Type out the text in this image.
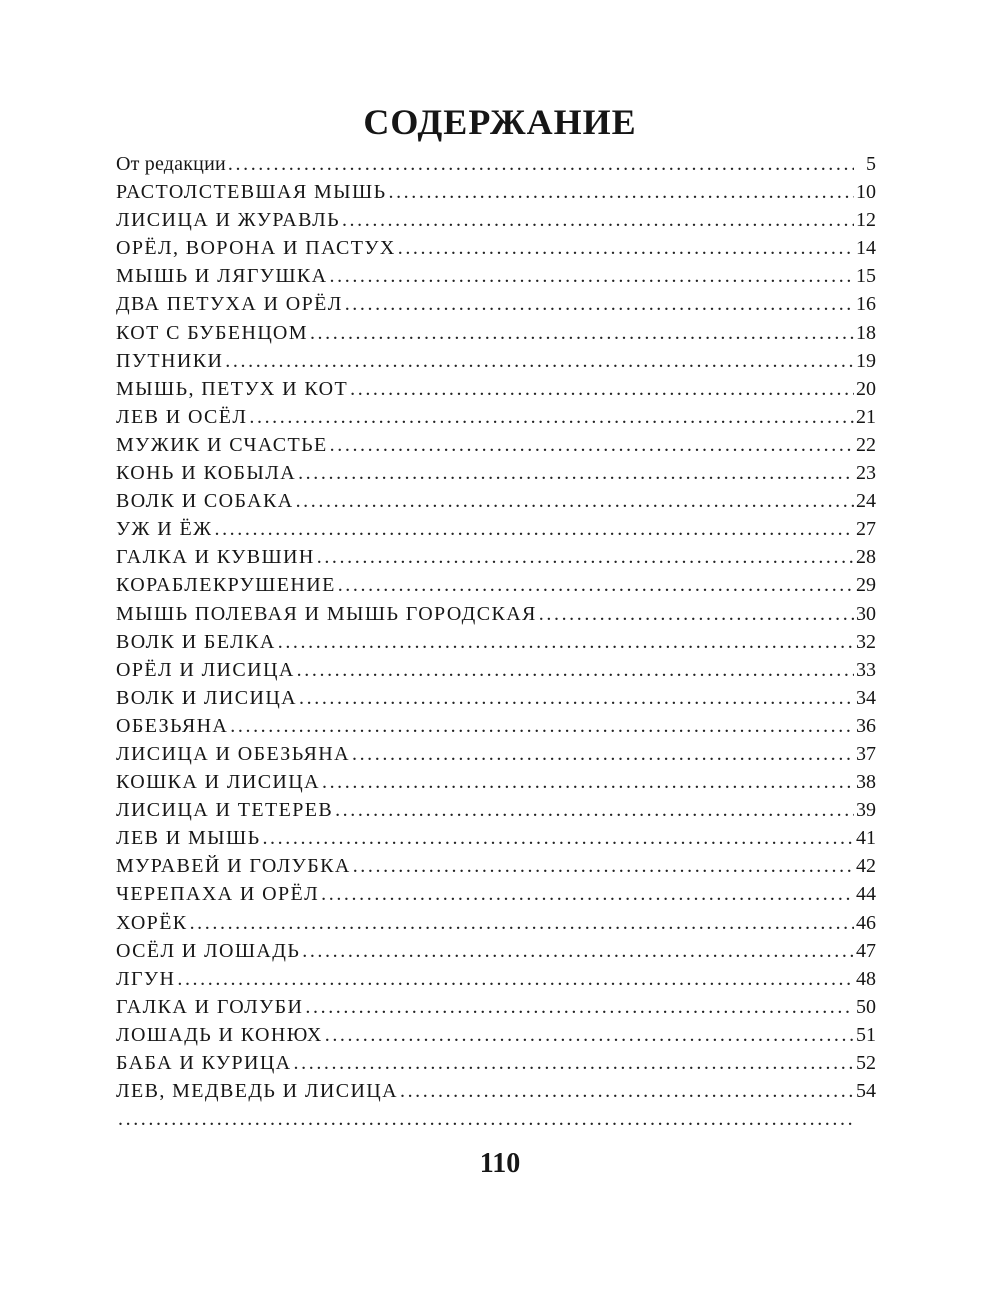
СОДЕРЖАНИЕ
От редакции . . .	5
РАСТОЛСТЕВШАЯ МЫШЬ . . .	10
ЛИСИЦА И ЖУРАВЛЬ . . .	12
ОРЁЛ, ВОРОНА И ПАСТУХ . . .	14
МЫШЬ И ЛЯГУШКА . . .	15
ДВА ПЕТУХА И ОРЁЛ . . .	16
КОТ С БУБЕНЦОМ . . .	18
ПУТНИКИ . . .	19
МЫШЬ, ПЕТУХ И КОТ . . .	20
ЛЕВ И ОСЁЛ . . .	21
МУЖИК И СЧАСТЬЕ . . .	22
КОНЬ И КОБЫЛА . . .	23
ВОЛК И СОБАКА . . .	24
УЖ И ЁЖ . . .	27
ГАЛКА И КУВШИН . . .	28
КОРАБЛЕКРУШЕНИЕ . . .	29
МЫШЬ ПОЛЕВАЯ И МЫШЬ ГОРОДСКАЯ . . .	30
ВОЛК И БЕЛКА . . .	32
ОРЁЛ И ЛИСИЦА . . .	33
ВОЛК И ЛИСИЦА . . .	34
ОБЕЗЬЯНА . . .	36
ЛИСИЦА И ОБЕЗЬЯНА . . .	37
КОШКА И ЛИСИЦА . . .	38
ЛИСИЦА И ТЕТЕРЕВ . . .	39
ЛЕВ И МЫШЬ . . .	41
МУРАВЕЙ И ГОЛУБКА . . .	42
ЧЕРЕПАХА И ОРЁЛ . . .	44
ХОРЁК . . .	46
ОСЁЛ И ЛОШАДЬ . . .	47
ЛГУН . . .	48
ГАЛКА И ГОЛУБИ . . .	50
ЛОШАДЬ И КОНЮХ . . .	51
БАБА И КУРИЦА . . .	52
ЛЕВ, МЕДВЕДЬ И ЛИСИЦА . . .	54
. . .
110
